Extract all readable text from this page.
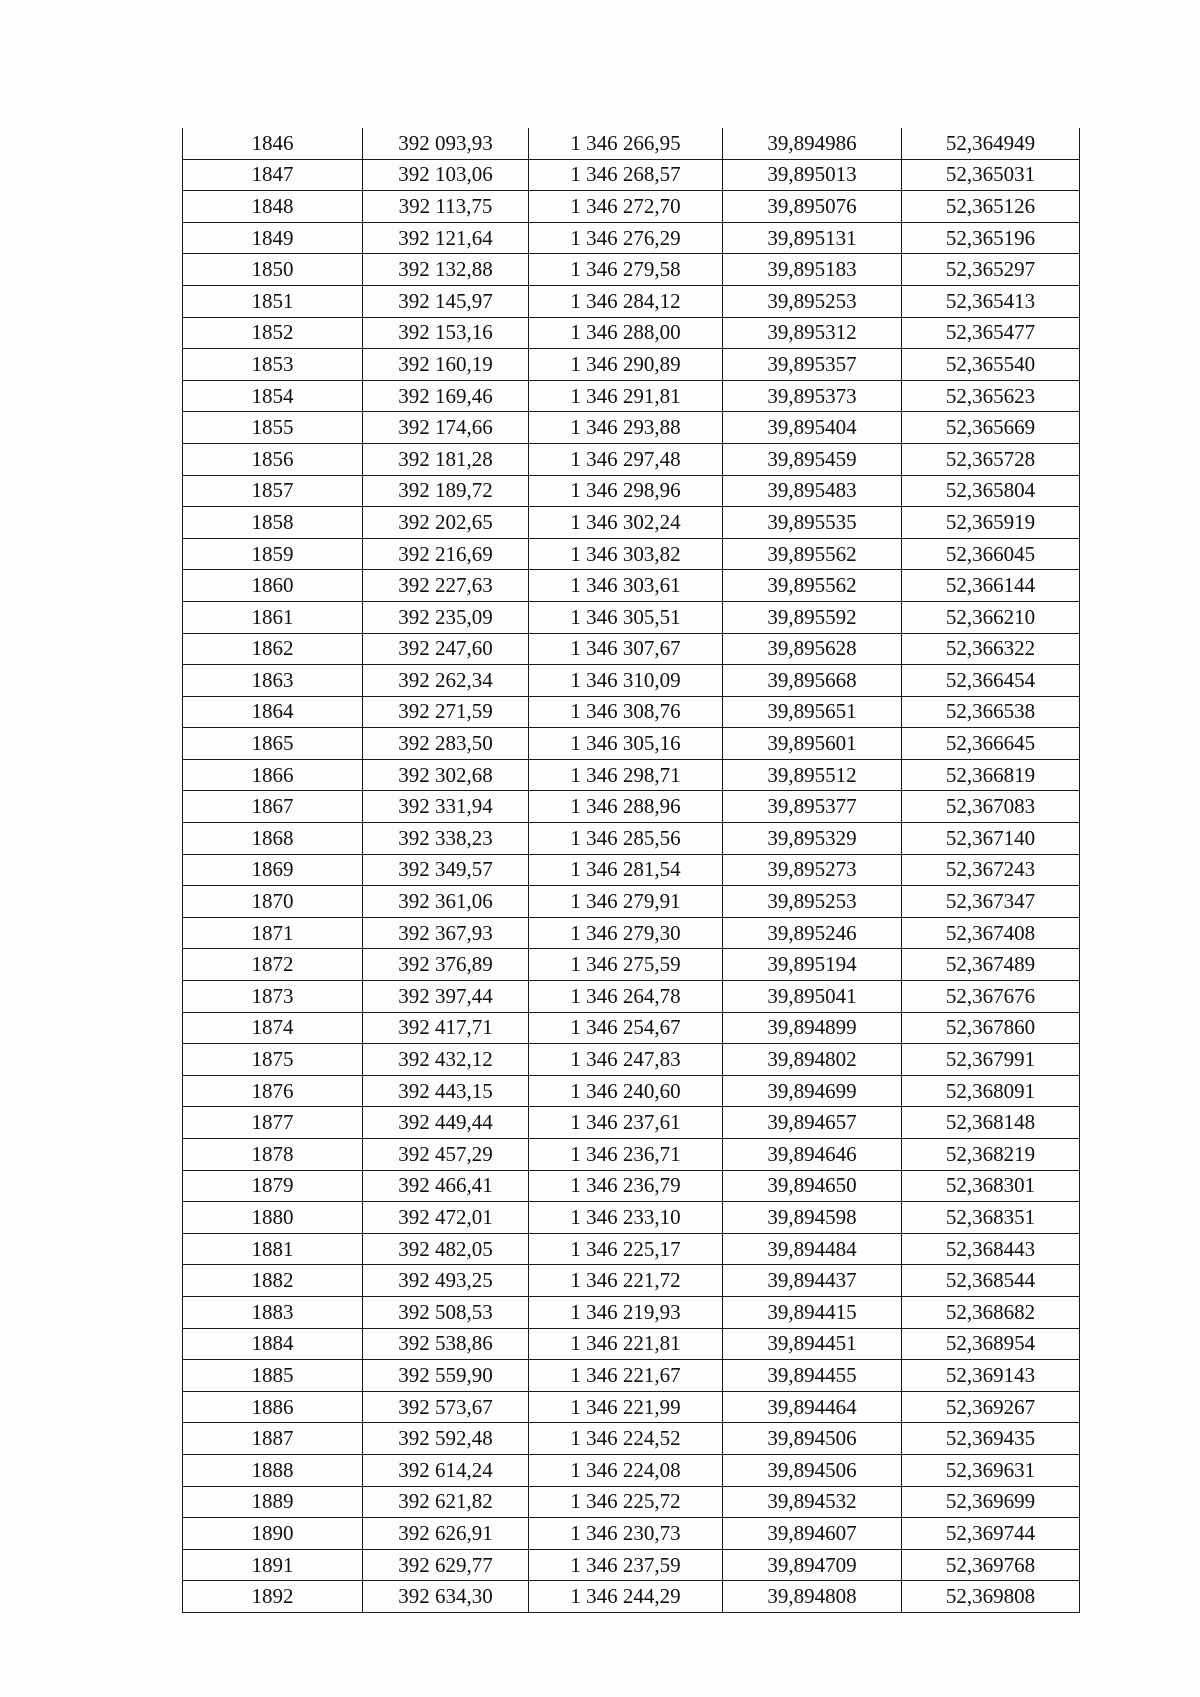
1846	392 093,93	1 346 266,95	39,894986	52,364949
1847	392 103,06	1 346 268,57	39,895013	52,365031
1848	392 113,75	1 346 272,70	39,895076	52,365126
1849	392 121,64	1 346 276,29	39,895131	52,365196
1850	392 132,88	1 346 279,58	39,895183	52,365297
1851	392 145,97	1 346 284,12	39,895253	52,365413
1852	392 153,16	1 346 288,00	39,895312	52,365477
1853	392 160,19	1 346 290,89	39,895357	52,365540
1854	392 169,46	1 346 291,81	39,895373	52,365623
1855	392 174,66	1 346 293,88	39,895404	52,365669
1856	392 181,28	1 346 297,48	39,895459	52,365728
1857	392 189,72	1 346 298,96	39,895483	52,365804
1858	392 202,65	1 346 302,24	39,895535	52,365919
1859	392 216,69	1 346 303,82	39,895562	52,366045
1860	392 227,63	1 346 303,61	39,895562	52,366144
1861	392 235,09	1 346 305,51	39,895592	52,366210
1862	392 247,60	1 346 307,67	39,895628	52,366322
1863	392 262,34	1 346 310,09	39,895668	52,366454
1864	392 271,59	1 346 308,76	39,895651	52,366538
1865	392 283,50	1 346 305,16	39,895601	52,366645
1866	392 302,68	1 346 298,71	39,895512	52,366819
1867	392 331,94	1 346 288,96	39,895377	52,367083
1868	392 338,23	1 346 285,56	39,895329	52,367140
1869	392 349,57	1 346 281,54	39,895273	52,367243
1870	392 361,06	1 346 279,91	39,895253	52,367347
1871	392 367,93	1 346 279,30	39,895246	52,367408
1872	392 376,89	1 346 275,59	39,895194	52,367489
1873	392 397,44	1 346 264,78	39,895041	52,367676
1874	392 417,71	1 346 254,67	39,894899	52,367860
1875	392 432,12	1 346 247,83	39,894802	52,367991
1876	392 443,15	1 346 240,60	39,894699	52,368091
1877	392 449,44	1 346 237,61	39,894657	52,368148
1878	392 457,29	1 346 236,71	39,894646	52,368219
1879	392 466,41	1 346 236,79	39,894650	52,368301
1880	392 472,01	1 346 233,10	39,894598	52,368351
1881	392 482,05	1 346 225,17	39,894484	52,368443
1882	392 493,25	1 346 221,72	39,894437	52,368544
1883	392 508,53	1 346 219,93	39,894415	52,368682
1884	392 538,86	1 346 221,81	39,894451	52,368954
1885	392 559,90	1 346 221,67	39,894455	52,369143
1886	392 573,67	1 346 221,99	39,894464	52,369267
1887	392 592,48	1 346 224,52	39,894506	52,369435
1888	392 614,24	1 346 224,08	39,894506	52,369631
1889	392 621,82	1 346 225,72	39,894532	52,369699
1890	392 626,91	1 346 230,73	39,894607	52,369744
1891	392 629,77	1 346 237,59	39,894709	52,369768
1892	392 634,30	1 346 244,29	39,894808	52,369808
